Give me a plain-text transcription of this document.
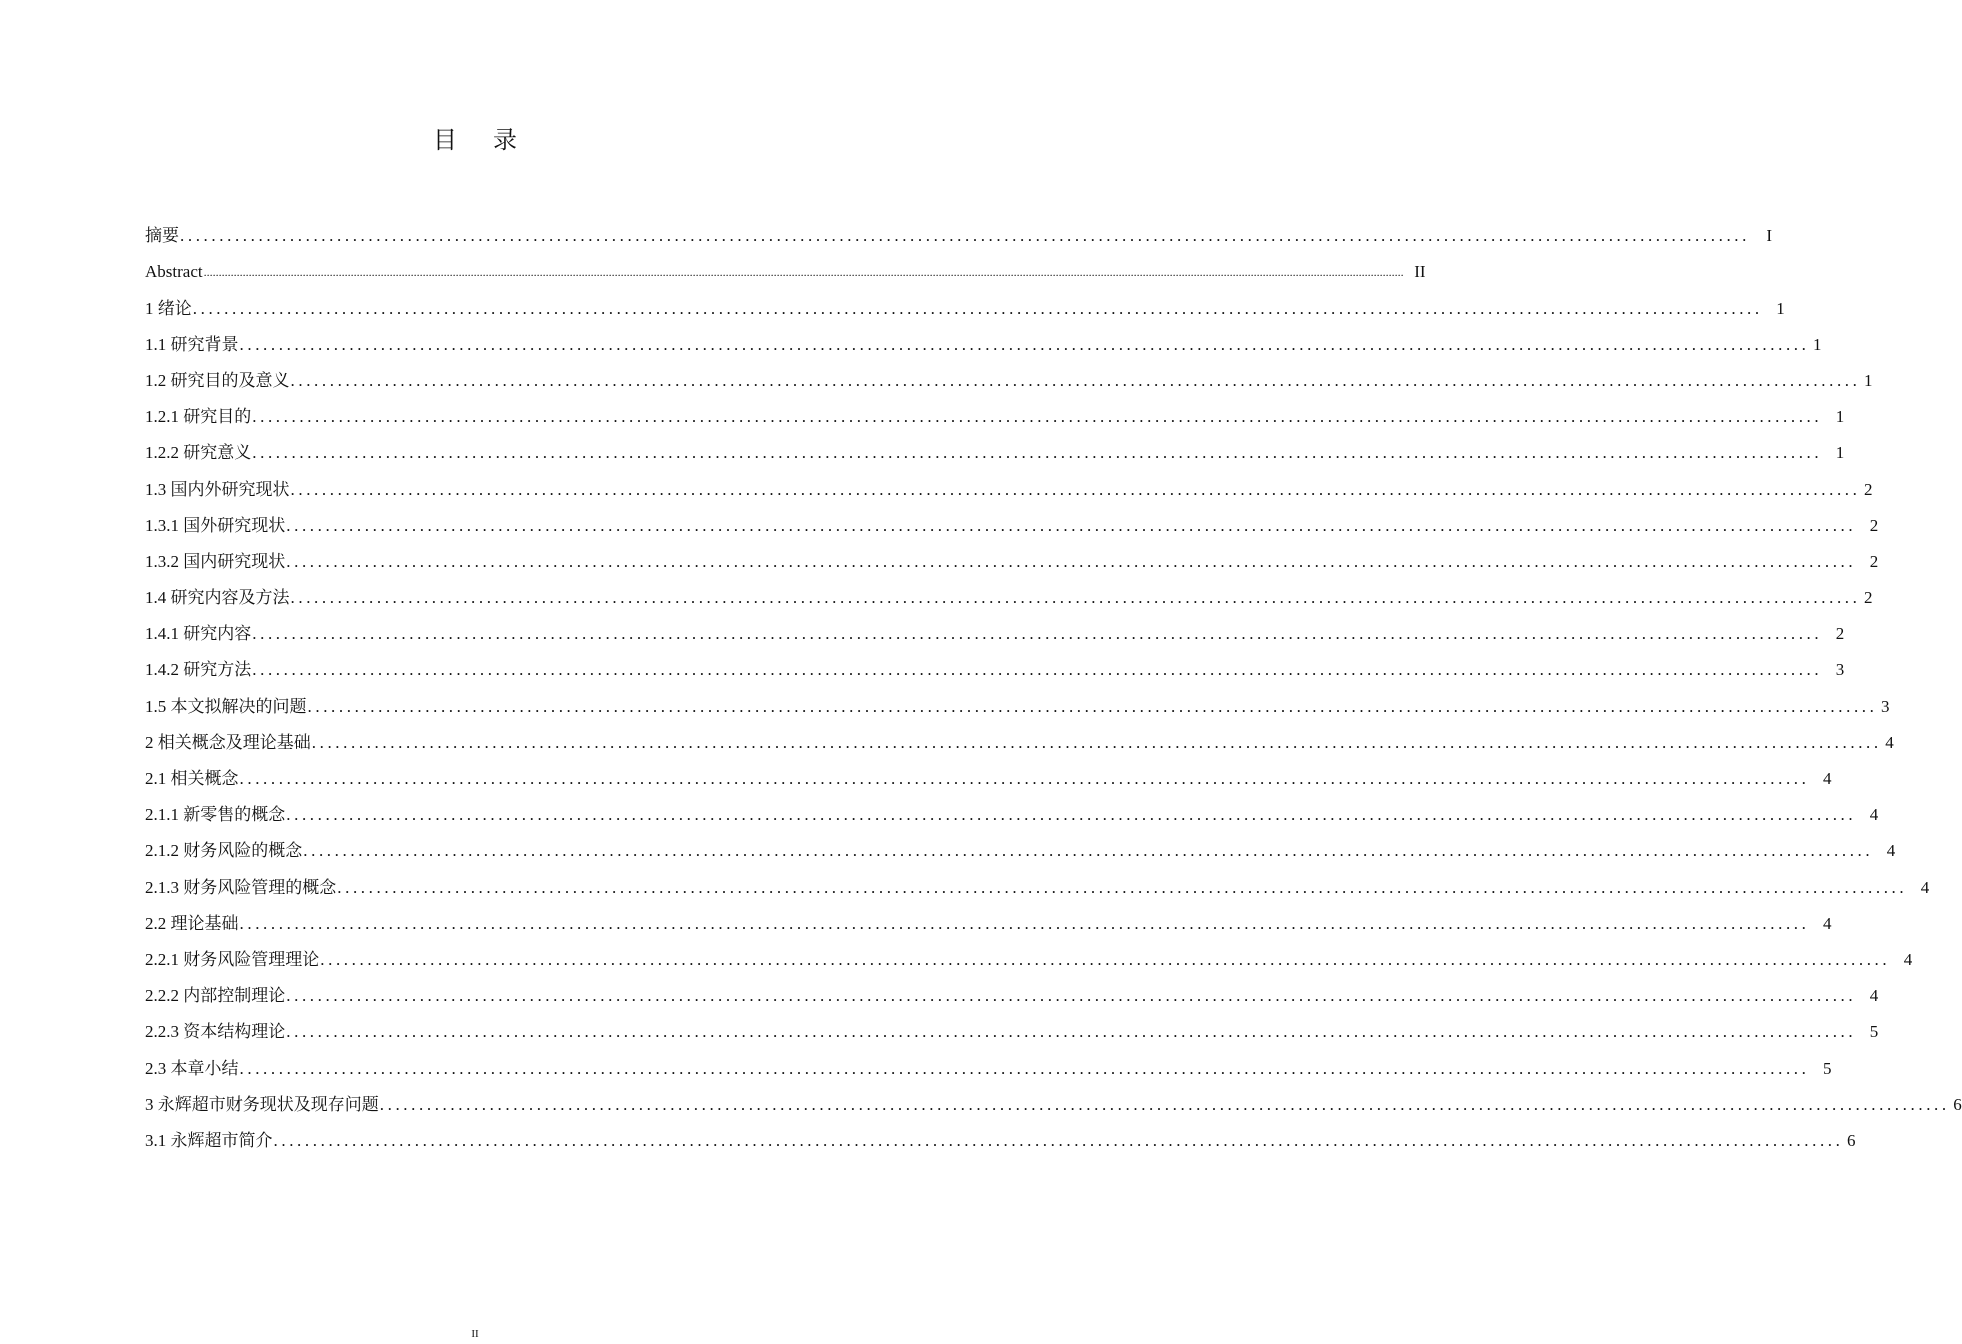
目 录
摘要 ........................................................................................................................................................................................................ I
Abstract ................................................................................................................................................................................................................................................................................................................................................................................................................ II
1 绪论 ........................................................................................................................................................................................................ 1
1.1 研究背景 ........................................................................................................................................................................................................ 1
1.2 研究目的及意义 ........................................................................................................................................................................................................ 1
1.2.1 研究目的 ........................................................................................................................................................................................................ 1
1.2.2 研究意义 ........................................................................................................................................................................................................ 1
1.3 国内外研究现状 ........................................................................................................................................................................................................ 2
1.3.1 国外研究现状 ........................................................................................................................................................................................................ 2
1.3.2 国内研究现状 ........................................................................................................................................................................................................ 2
1.4 研究内容及方法 ........................................................................................................................................................................................................ 2
1.4.1 研究内容 ........................................................................................................................................................................................................ 2
1.4.2 研究方法 ........................................................................................................................................................................................................ 3
1.5 本文拟解决的问题 ........................................................................................................................................................................................................ 3
2 相关概念及理论基础 ........................................................................................................................................................................................................ 4
2.1 相关概念 ........................................................................................................................................................................................................ 4
2.1.1 新零售的概念 ........................................................................................................................................................................................................ 4
2.1.2 财务风险的概念 ........................................................................................................................................................................................................ 4
2.1.3 财务风险管理的概念 ........................................................................................................................................................................................................ 4
2.2 理论基础 ........................................................................................................................................................................................................ 4
2.2.1 财务风险管理理论 ........................................................................................................................................................................................................ 4
2.2.2 内部控制理论 ........................................................................................................................................................................................................ 4
2.2.3 资本结构理论 ........................................................................................................................................................................................................ 5
2.3 本章小结 ........................................................................................................................................................................................................ 5
3 永辉超市财务现状及现存问题 ........................................................................................................................................................................................................ 6
3.1 永辉超市简介 ........................................................................................................................................................................................................ 6
II
